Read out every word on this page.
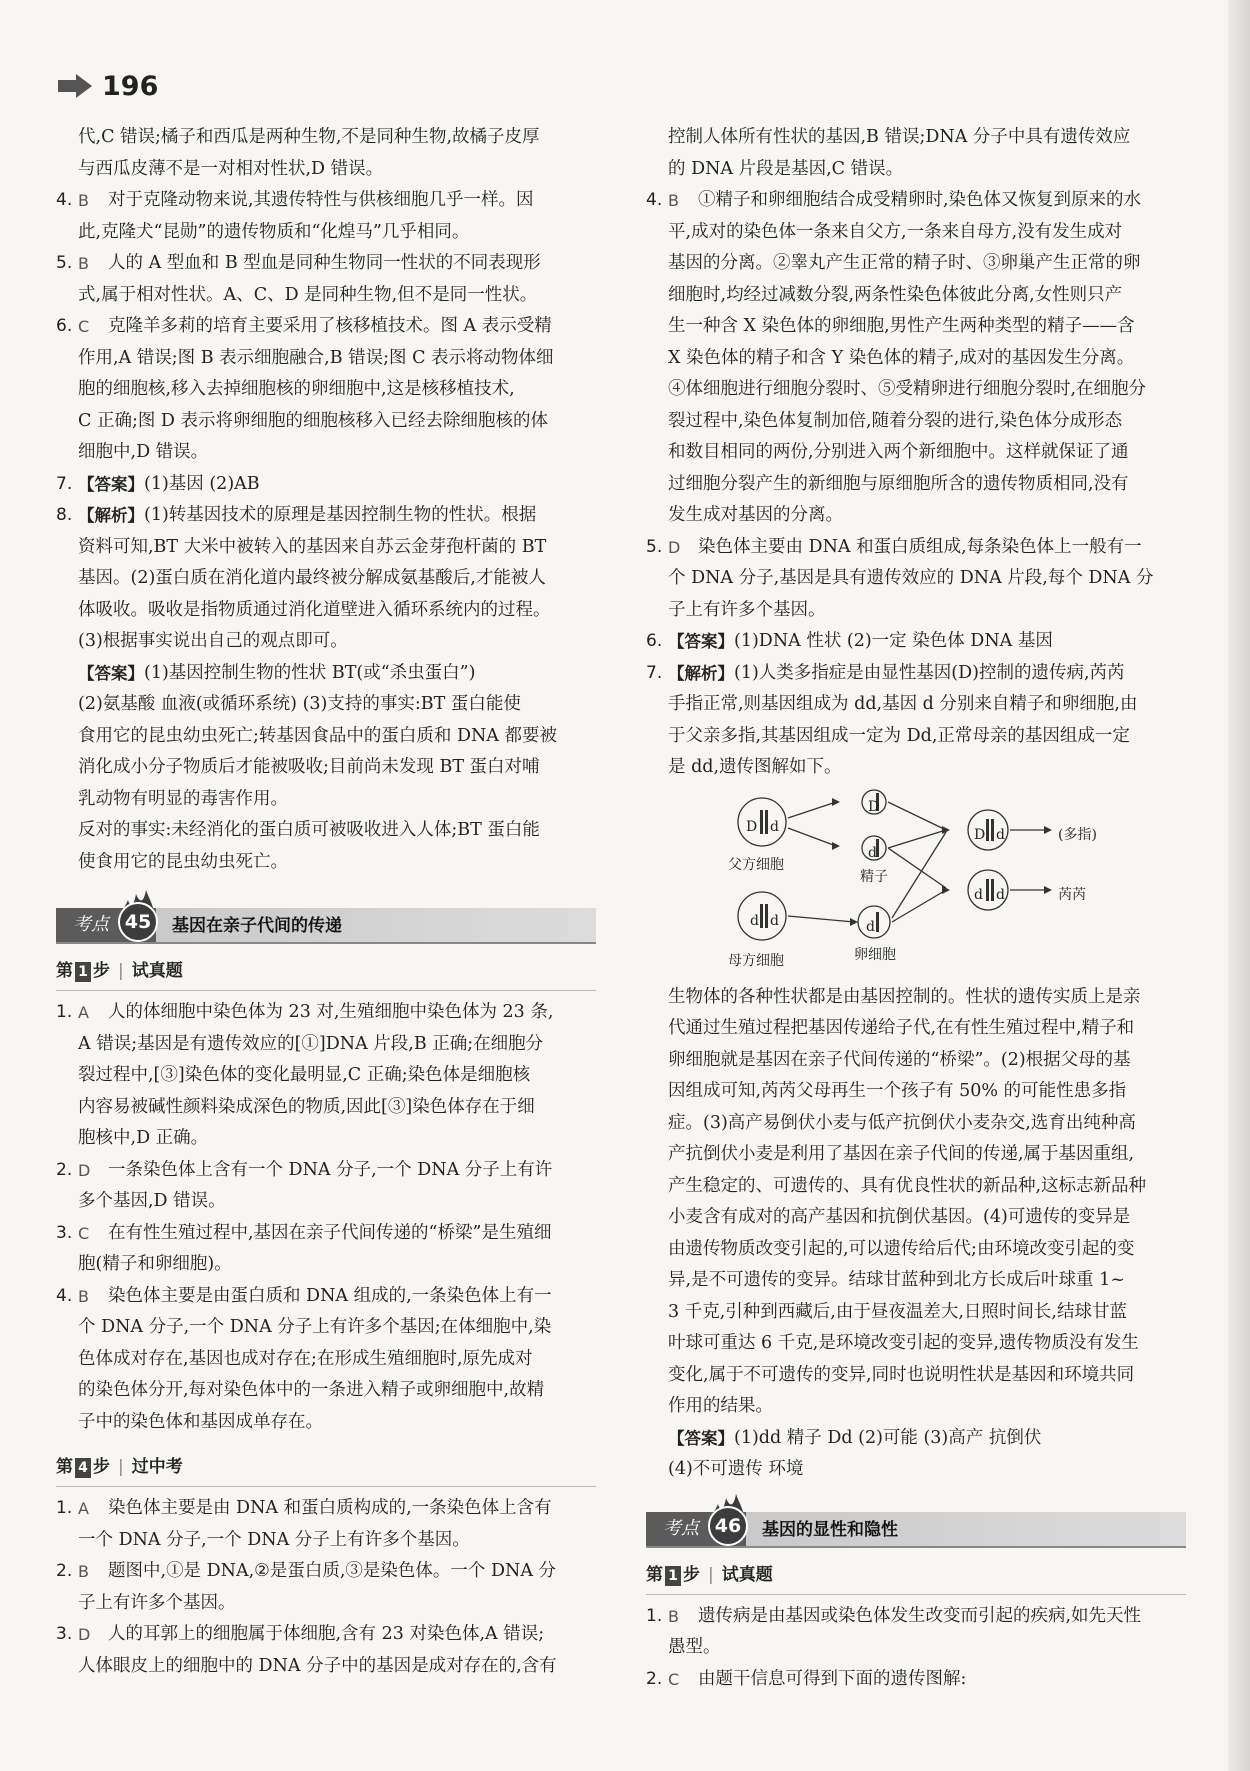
196

代,C 错误;橘子和西瓜是两种生物,不是同种生物,故橘子皮厚

与西瓜皮薄不是一对相对性状,D 错误。

4. B	对于克隆动物来说,其遗传特性与供核细胞几乎一样。因

此,克隆犬“昆勋”的遗传物质和“化煌马”几乎相同。

5. B	人的 A 型血和 B 型血是同种生物同一性状的不同表现形

式,属于相对性状。A、C、D 是同种生物,但不是同一性状。

6. C	克隆羊多莉的培育主要采用了核移植技术。图 A 表示受精

作用,A 错误;图 B 表示细胞融合,B 错误;图 C 表示将动物体细

胞的细胞核,移入去掉细胞核的卵细胞中,这是核移植技术,

C 正确;图 D 表示将卵细胞的细胞核移入已经去除细胞核的体

细胞中,D 错误。

7. 【答案】 (1)基因 (2)AB
8. 【解析】 (1)转基因技术的原理是基因控制生物的性状。根据

资料可知,BT 大米中被转入的基因来自苏云金芽孢杆菌的 BT

基因。(2)蛋白质在消化道内最终被分解成氨基酸后,才能被人

体吸收。吸收是指物质通过消化道壁进入循环系统内的过程。

(3)根据事实说出自己的观点即可。

【答案】 (1)基因控制生物的性状 BT(或“杀虫蛋白”)

(2)氨基酸 血液(或循环系统) (3)支持的事实:BT 蛋白能使

食用它的昆虫幼虫死亡;转基因食品中的蛋白质和 DNA 都要被

消化成小分子物质后才能被吸收;目前尚未发现 BT 蛋白对哺

乳动物有明显的毒害作用。

反对的事实:未经消化的蛋白质可被吸收进入人体;BT 蛋白能

使食用它的昆虫幼虫死亡。

考点 45	基因在亲子代间的传递
第 1 步 | 试真题
1. A	人的体细胞中染色体为 23 对,生殖细胞中染色体为 23 条,

A 错误;基因是有遗传效应的[①]DNA 片段,B 正确;在细胞分

裂过程中,[③]染色体的变化最明显,C 正确;染色体是细胞核

内容易被碱性颜料染成深色的物质,因此[③]染色体存在于细

胞核中,D 正确。

2. D	一条染色体上含有一个 DNA 分子,一个 DNA 分子上有许

多个基因,D 错误。

3. C	在有性生殖过程中,基因在亲子代间传递的“桥梁”是生殖细

胞(精子和卵细胞)。

4. B	染色体主要是由蛋白质和 DNA 组成的,一条染色体上有一

个 DNA 分子,一个 DNA 分子上有许多个基因;在体细胞中,染

色体成对存在,基因也成对存在;在形成生殖细胞时,原先成对

的染色体分开,每对染色体中的一条进入精子或卵细胞中,故精

子中的染色体和基因成单存在。

第 4 步 | 过中考
1. A	染色体主要是由 DNA 和蛋白质构成的,一条染色体上含有

一个 DNA 分子,一个 DNA 分子上有许多个基因。

2. B	题图中,①是 DNA,②是蛋白质,③是染色体。一个 DNA 分

子上有许多个基因。

3. D	人的耳郭上的细胞属于体细胞,含有 23 对染色体,A 错误;

人体眼皮上的细胞中的 DNA 分子中的基因是成对存在的,含有

控制人体所有性状的基因,B 错误;DNA 分子中具有遗传效应

的 DNA 片段是基因,C 错误。

4. B	①精子和卵细胞结合成受精卵时,染色体又恢复到原来的水

平,成对的染色体一条来自父方,一条来自母方,没有发生成对

基因的分离。②睾丸产生正常的精子时、③卵巢产生正常的卵

细胞时,均经过减数分裂,两条性染色体彼此分离,女性则只产

生一种含 X 染色体的卵细胞,男性产生两种类型的精子——含

X 染色体的精子和含 Y 染色体的精子,成对的基因发生分离。

④体细胞进行细胞分裂时、⑤受精卵进行细胞分裂时,在细胞分

裂过程中,染色体复制加倍,随着分裂的进行,染色体分成形态

和数目相同的两份,分别进入两个新细胞中。这样就保证了通

过细胞分裂产生的新细胞与原细胞所含的遗传物质相同,没有

发生成对基因的分离。

5. D	染色体主要由 DNA 和蛋白质组成,每条染色体上一般有一

个 DNA 分子,基因是具有遗传效应的 DNA 片段,每个 DNA 分

子上有许多个基因。

6. 【答案】 (1)DNA 性状 (2)一定 染色体 DNA 基因
7. 【解析】 (1)人类多指症是由显性基因(D)控制的遗传病,芮芮

手指正常,则基因组成为 dd,基因 d 分别来自精子和卵细胞,由

于父亲多指,其基因组成一定为 Dd,正常母亲的基因组成一定

是 dd,遗传图解如下。

D d
D
d
d d	d
D d
d d
父方细胞
母方细胞
精子
卵细胞
(多指)
芮芮

生物体的各种性状都是由基因控制的。性状的遗传实质上是亲

代通过生殖过程把基因传递给子代,在有性生殖过程中,精子和

卵细胞就是基因在亲子代间传递的“桥梁”。(2)根据父母的基

因组成可知,芮芮父母再生一个孩子有 50% 的可能性患多指

症。(3)高产易倒伏小麦与低产抗倒伏小麦杂交,选育出纯种高

产抗倒伏小麦是利用了基因在亲子代间的传递,属于基因重组,

产生稳定的、可遗传的、具有优良性状的新品种,这标志新品种

小麦含有成对的高产基因和抗倒伏基因。(4)可遗传的变异是

由遗传物质改变引起的,可以遗传给后代;由环境改变引起的变

异,是不可遗传的变异。结球甘蓝种到北方长成后叶球重 1~

3 千克,引种到西藏后,由于昼夜温差大,日照时间长,结球甘蓝

叶球可重达 6 千克,是环境改变引起的变异,遗传物质没有发生

变化,属于不可遗传的变异,同时也说明性状是基因和环境共同

作用的结果。

【答案】 (1)dd 精子 Dd (2)可能 (3)高产 抗倒伏

(4)不可遗传 环境

考点 46	基因的显性和隐性
第 1 步 | 试真题
1. B	遗传病是由基因或染色体发生改变而引起的疾病,如先天性

愚型。

2. C	由题干信息可得到下面的遗传图解:
